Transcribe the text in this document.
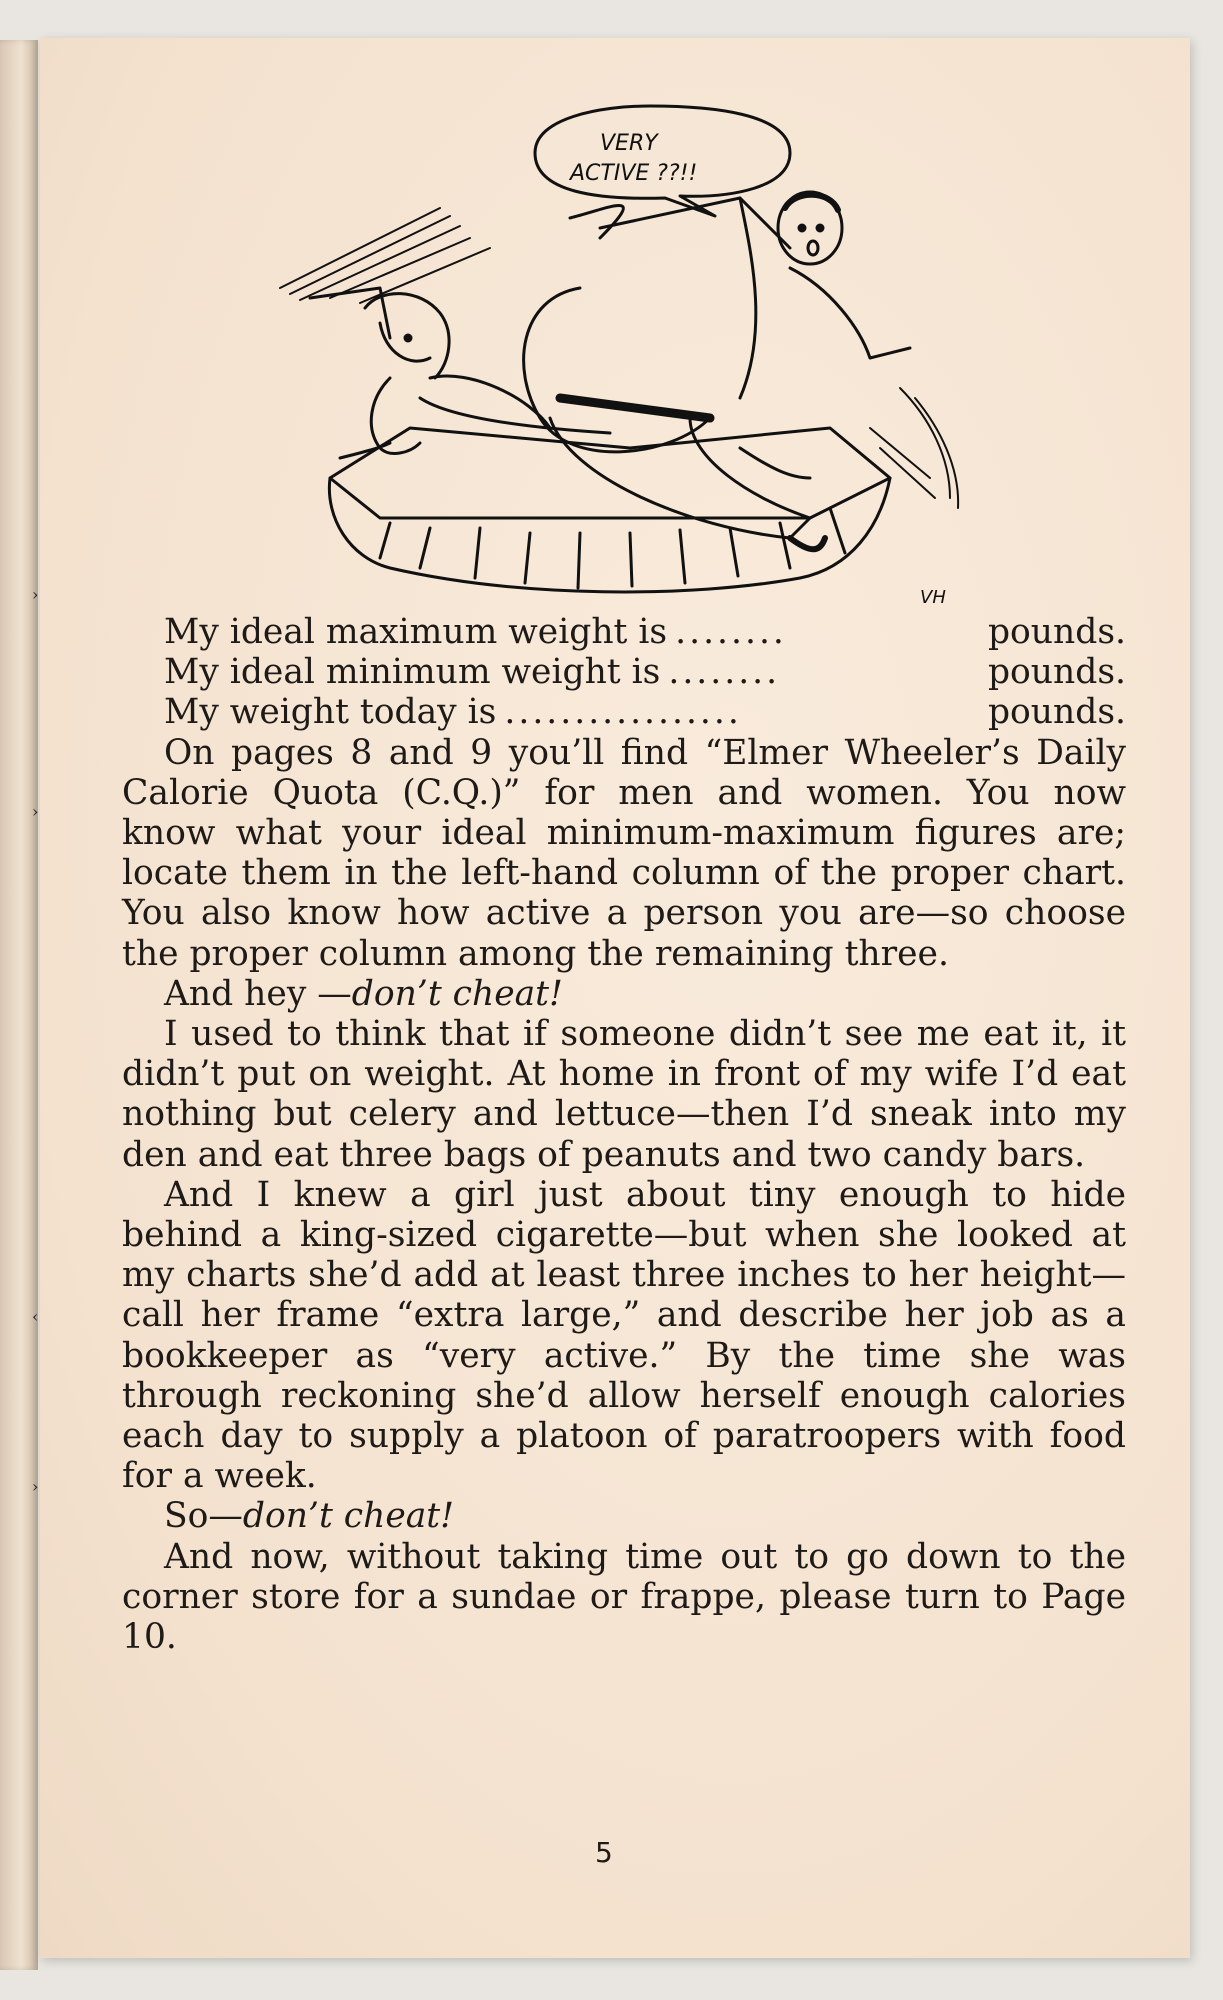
›
›
‹
›
VERY
ACTIVE ??!!
VH
My ideal maximum weight is ........	pounds.
My ideal minimum weight is ........	pounds.
My weight today is .................	pounds.

On pages 8 and 9 you’ll find “Elmer Wheeler’s Daily Calorie Quota (C.Q.)” for men and women. You now know what your ideal minimum-maximum figures are; locate them in the left-hand column of the proper chart. You also know how active a person you are—so choose the proper column among the remaining three.

And hey —don’t cheat!

I used to think that if someone didn’t see me eat it, it didn’t put on weight. At home in front of my wife I’d eat nothing but celery and lettuce—then I’d sneak into my den and eat three bags of peanuts and two candy bars.

And I knew a girl just about tiny enough to hide behind a king-sized cigarette—but when she looked at my charts she’d add at least three inches to her height—call her frame “extra large,” and describe her job as a bookkeeper as “very active.” By the time she was through reckoning she’d allow herself enough calories each day to supply a platoon of paratroopers with food for a week.

So—don’t cheat!

And now, without taking time out to go down to the corner store for a sundae or frappe, please turn to Page 10.

5
